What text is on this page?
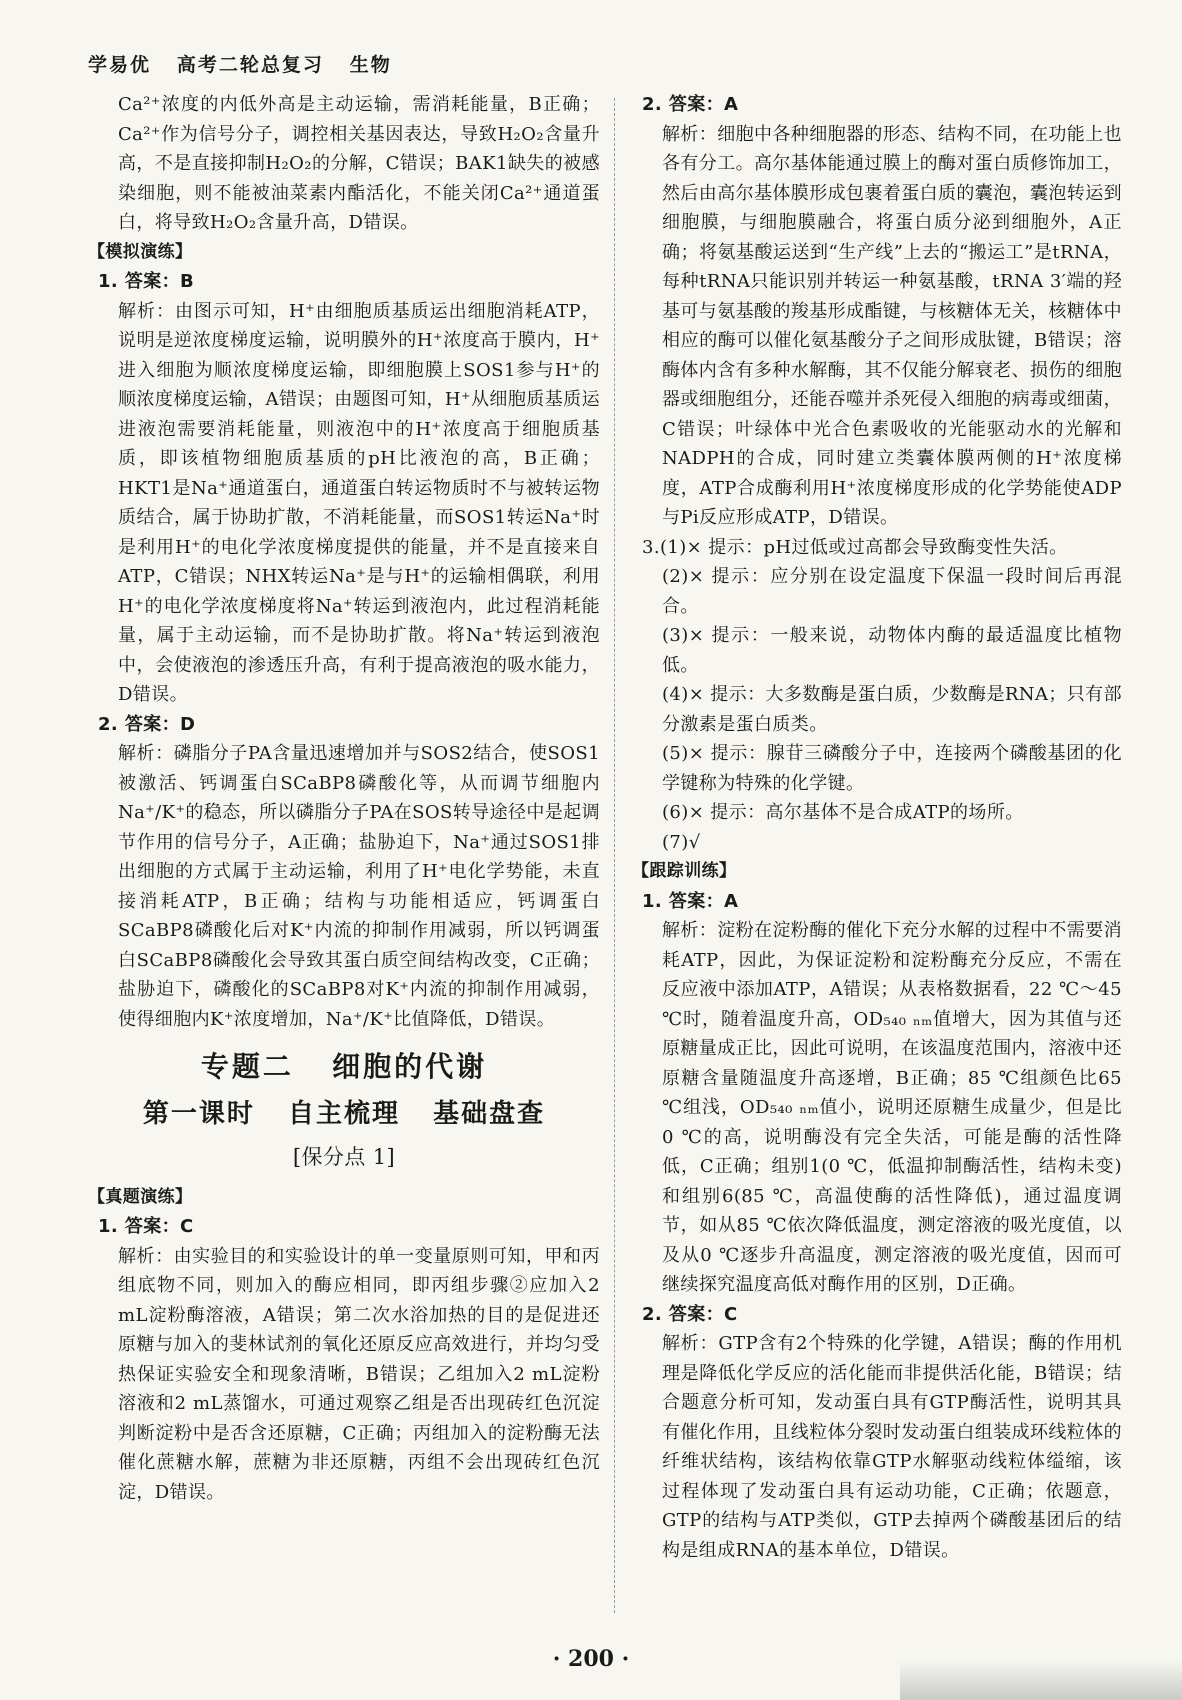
学易优   高考二轮总复习   生物

Ca²⁺浓度的内低外高是主动运输，需消耗能量，B正确；Ca²⁺作为信号分子，调控相关基因表达，导致H₂O₂含量升高，不是直接抑制H₂O₂的分解，C错误；BAK1缺失的被感染细胞，则不能被油菜素内酯活化，不能关闭Ca²⁺通道蛋白，将导致H₂O₂含量升高，D错误。

【模拟演练】

1. 答案：B

解析：由图示可知，H⁺由细胞质基质运出细胞消耗ATP，说明是逆浓度梯度运输，说明膜外的H⁺浓度高于膜内，H⁺进入细胞为顺浓度梯度运输，即细胞膜上SOS1参与H⁺的顺浓度梯度运输，A错误；由题图可知，H⁺从细胞质基质运进液泡需要消耗能量，则液泡中的H⁺浓度高于细胞质基质，即该植物细胞质基质的pH比液泡的高，B正确；HKT1是Na⁺通道蛋白，通道蛋白转运物质时不与被转运物质结合，属于协助扩散，不消耗能量，而SOS1转运Na⁺时是利用H⁺的电化学浓度梯度提供的能量，并不是直接来自ATP，C错误；NHX转运Na⁺是与H⁺的运输相偶联，利用H⁺的电化学浓度梯度将Na⁺转运到液泡内，此过程消耗能量，属于主动运输，而不是协助扩散。将Na⁺转运到液泡中，会使液泡的渗透压升高，有利于提高液泡的吸水能力，D错误。

2. 答案：D

解析：磷脂分子PA含量迅速增加并与SOS2结合，使SOS1被激活、钙调蛋白SCaBP8磷酸化等，从而调节细胞内Na⁺/K⁺的稳态，所以磷脂分子PA在SOS转导途径中是起调节作用的信号分子，A正确；盐胁迫下，Na⁺通过SOS1排出细胞的方式属于主动运输，利用了H⁺电化学势能，未直接消耗ATP，B正确；结构与功能相适应，钙调蛋白SCaBP8磷酸化后对K⁺内流的抑制作用减弱，所以钙调蛋白SCaBP8磷酸化会导致其蛋白质空间结构改变，C正确；盐胁迫下，磷酸化的SCaBP8对K⁺内流的抑制作用减弱，使得细胞内K⁺浓度增加，Na⁺/K⁺比值降低，D错误。

专题二   细胞的代谢
第一课时   自主梳理   基础盘查
[保分点 1]

【真题演练】

1. 答案：C

解析：由实验目的和实验设计的单一变量原则可知，甲和丙组底物不同，则加入的酶应相同，即丙组步骤②应加入2 mL淀粉酶溶液，A错误；第二次水浴加热的目的是促进还原糖与加入的斐林试剂的氧化还原反应高效进行，并均匀受热保证实验安全和现象清晰，B错误；乙组加入2 mL淀粉溶液和2 mL蒸馏水，可通过观察乙组是否出现砖红色沉淀判断淀粉中是否含还原糖，C正确；丙组加入的淀粉酶无法催化蔗糖水解，蔗糖为非还原糖，丙组不会出现砖红色沉淀，D错误。

2. 答案：A

解析：细胞中各种细胞器的形态、结构不同，在功能上也各有分工。高尔基体能通过膜上的酶对蛋白质修饰加工，然后由高尔基体膜形成包裹着蛋白质的囊泡，囊泡转运到细胞膜，与细胞膜融合，将蛋白质分泌到细胞外，A正确；将氨基酸运送到“生产线”上去的“搬运工”是tRNA，每种tRNA只能识别并转运一种氨基酸，tRNA 3′端的羟基可与氨基酸的羧基形成酯键，与核糖体无关，核糖体中相应的酶可以催化氨基酸分子之间形成肽键，B错误；溶酶体内含有多种水解酶，其不仅能分解衰老、损伤的细胞器或细胞组分，还能吞噬并杀死侵入细胞的病毒或细菌，C错误；叶绿体中光合色素吸收的光能驱动水的光解和NADPH的合成，同时建立类囊体膜两侧的H⁺浓度梯度，ATP合成酶利用H⁺浓度梯度形成的化学势能使ADP与Pi反应形成ATP，D错误。

3.(1)× 提示：pH过低或过高都会导致酶变性失活。

(2)× 提示：应分别在设定温度下保温一段时间后再混合。

(3)× 提示：一般来说，动物体内酶的最适温度比植物低。

(4)× 提示：大多数酶是蛋白质，少数酶是RNA；只有部分激素是蛋白质类。

(5)× 提示：腺苷三磷酸分子中，连接两个磷酸基团的化学键称为特殊的化学键。

(6)× 提示：高尔基体不是合成ATP的场所。

(7)√

【跟踪训练】

1. 答案：A

解析：淀粉在淀粉酶的催化下充分水解的过程中不需要消耗ATP，因此，为保证淀粉和淀粉酶充分反应，不需在反应液中添加ATP，A错误；从表格数据看，22 ℃～45 ℃时，随着温度升高，OD₅₄₀ ₙₘ值增大，因为其值与还原糖量成正比，因此可说明，在该温度范围内，溶液中还原糖含量随温度升高逐增，B正确；85 ℃组颜色比65 ℃组浅，OD₅₄₀ ₙₘ值小，说明还原糖生成量少，但是比0 ℃的高，说明酶没有完全失活，可能是酶的活性降低，C正确；组别1(0 ℃，低温抑制酶活性，结构未变)和组别6(85 ℃，高温使酶的活性降低)，通过温度调节，如从85 ℃依次降低温度，测定溶液的吸光度值，以及从0 ℃逐步升高温度，测定溶液的吸光度值，因而可继续探究温度高低对酶作用的区别，D正确。

2. 答案：C

解析：GTP含有2个特殊的化学键，A错误；酶的作用机理是降低化学反应的活化能而非提供活化能，B错误；结合题意分析可知，发动蛋白具有GTP酶活性，说明其具有催化作用，且线粒体分裂时发动蛋白组装成环线粒体的纤维状结构，该结构依靠GTP水解驱动线粒体缢缩，该过程体现了发动蛋白具有运动功能，C正确；依题意，GTP的结构与ATP类似，GTP去掉两个磷酸基团后的结构是组成RNA的基本单位，D错误。

· 200 ·
